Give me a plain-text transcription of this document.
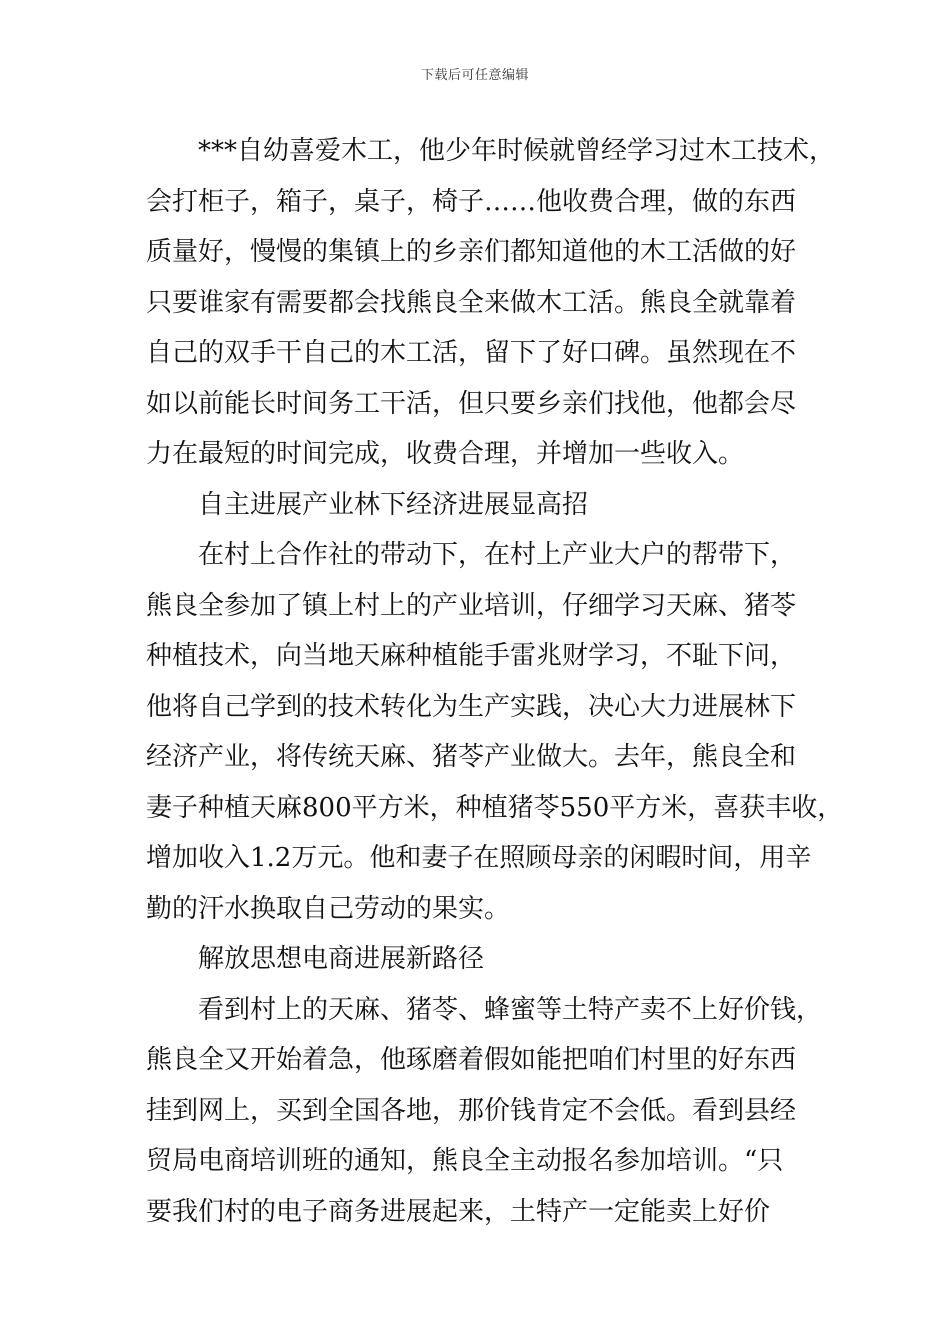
下载后可任意编辑
***自幼喜爱木工，他少年时候就曾经学习过木工技术，
会打柜子，箱子，桌子，椅子……他收费合理，做的东西
质量好，慢慢的集镇上的乡亲们都知道他的木工活做的好
只要谁家有需要都会找熊良全来做木工活。熊良全就靠着
自己的双手干自己的木工活，留下了好口碑。虽然现在不
如以前能长时间务工干活，但只要乡亲们找他，他都会尽
力在最短的时间完成，收费合理，并增加一些收入。
自主进展产业林下经济进展显高招
在村上合作社的带动下，在村上产业大户的帮带下，
熊良全参加了镇上村上的产业培训，仔细学习天麻、猪苓
种植技术，向当地天麻种植能手雷兆财学习，不耻下问，
他将自己学到的技术转化为生产实践，决心大力进展林下
经济产业，将传统天麻、猪苓产业做大。去年，熊良全和
妻子种植天麻800平方米，种植猪苓550平方米，喜获丰收，
增加收入1.2万元。他和妻子在照顾母亲的闲暇时间，用辛
勤的汗水换取自己劳动的果实。
解放思想电商进展新路径
看到村上的天麻、猪苓、蜂蜜等土特产卖不上好价钱，
熊良全又开始着急，他琢磨着假如能把咱们村里的好东西
挂到网上，买到全国各地，那价钱肯定不会低。看到县经
贸局电商培训班的通知，熊良全主动报名参加培训。“只
要我们村的电子商务进展起来，土特产一定能卖上好价
